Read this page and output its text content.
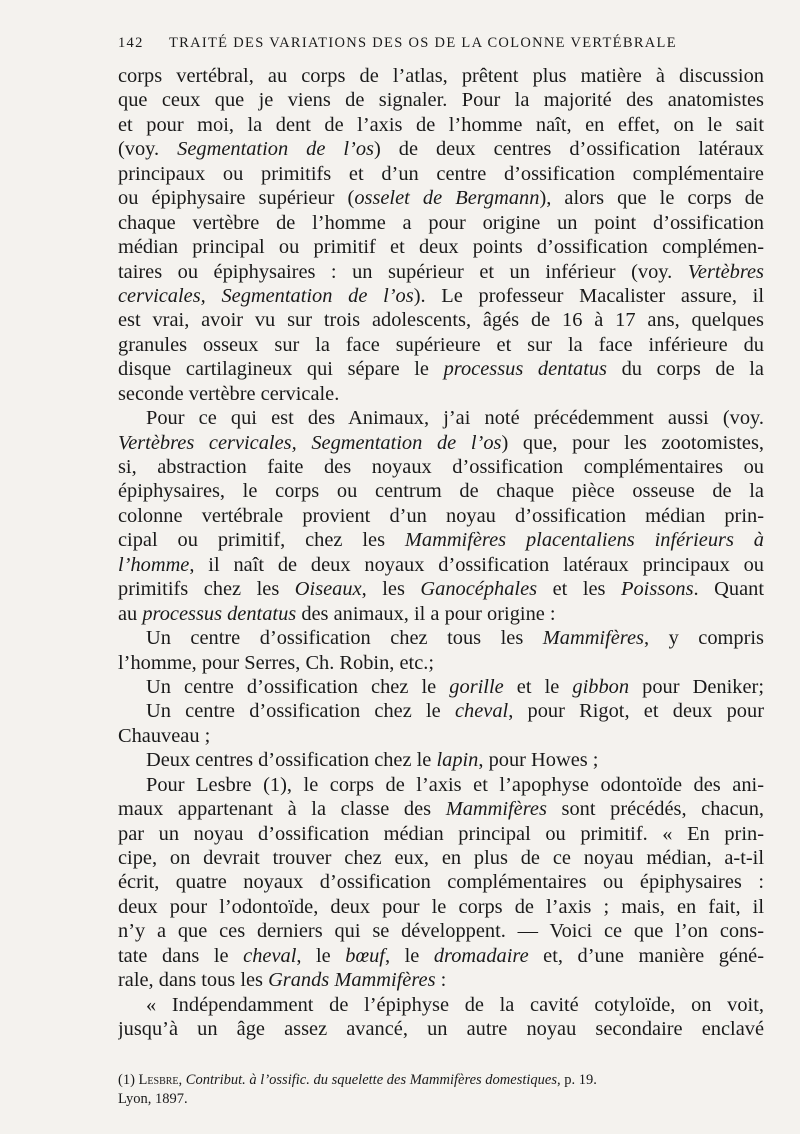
142 TRAITÉ DES VARIATIONS DES OS DE LA COLONNE VERTÉBRALE
corps vertébral, au corps de l’atlas, prêtent plus matière à discussion
que ceux que je viens de signaler. Pour la majorité des anatomistes
et pour moi, la dent de l’axis de l’homme naît, en effet, on le sait
(voy. Segmentation de l’os) de deux centres d’ossification latéraux
principaux ou primitifs et d’un centre d’ossification complémentaire
ou épiphysaire supérieur (osselet de Bergmann), alors que le corps de
chaque vertèbre de l’homme a pour origine un point d’ossification
médian principal ou primitif et deux points d’ossification complémen-
taires ou épiphysaires : un supérieur et un inférieur (voy. Vertèbres
cervicales, Segmentation de l’os). Le professeur Macalister assure, il
est vrai, avoir vu sur trois adolescents, âgés de 16 à 17 ans, quelques
granules osseux sur la face supérieure et sur la face inférieure du
disque cartilagineux qui sépare le processus dentatus du corps de la
seconde vertèbre cervicale.
Pour ce qui est des Animaux, j’ai noté précédemment aussi (voy.
Vertèbres cervicales, Segmentation de l’os) que, pour les zootomistes,
si, abstraction faite des noyaux d’ossification complémentaires ou
épiphysaires, le corps ou centrum de chaque pièce osseuse de la
colonne vertébrale provient d’un noyau d’ossification médian prin-
cipal ou primitif, chez les Mammifères placentaliens inférieurs à
l’homme, il naît de deux noyaux d’ossification latéraux principaux ou
primitifs chez les Oiseaux, les Ganocéphales et les Poissons. Quant
au processus dentatus des animaux, il a pour origine :
Un centre d’ossification chez tous les Mammifères, y compris
l’homme, pour Serres, Ch. Robin, etc.;
Un centre d’ossification chez le gorille et le gibbon pour Deniker;
Un centre d’ossification chez le cheval, pour Rigot, et deux pour
Chauveau ;
Deux centres d’ossification chez le lapin, pour Howes ;
Pour Lesbre (1), le corps de l’axis et l’apophyse odontoïde des ani-
maux appartenant à la classe des Mammifères sont précédés, chacun,
par un noyau d’ossification médian principal ou primitif. « En prin-
cipe, on devrait trouver chez eux, en plus de ce noyau médian, a-t-il
écrit, quatre noyaux d’ossification complémentaires ou épiphysaires :
deux pour l’odontoïde, deux pour le corps de l’axis ; mais, en fait, il
n’y a que ces derniers qui se développent. — Voici ce que l’on cons-
tate dans le cheval, le bœuf, le dromadaire et, d’une manière géné-
rale, dans tous les Grands Mammifères :
« Indépendamment de l’épiphyse de la cavité cotyloïde, on voit,
jusqu’à un âge assez avancé, un autre noyau secondaire enclavé
(1) Lesbre, Contribut. à l’ossific. du squelette des Mammifères domestiques, p. 19.
Lyon, 1897.
